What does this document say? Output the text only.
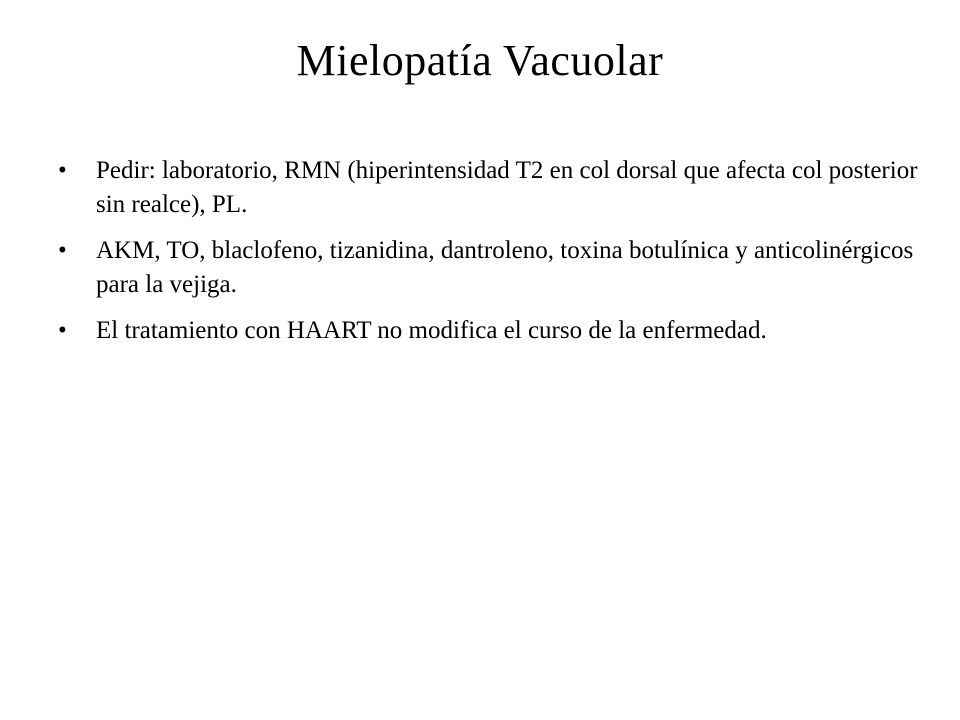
Mielopatía Vacuolar
•	Pedir: laboratorio, RMN (hiperintensidad T2 en col dorsal que afecta col posterior sin realce), PL.
•	AKM, TO, blaclofeno, tizanidina, dantroleno, toxina botulínica y anticolinérgicos para la vejiga.
•	El tratamiento con HAART no modifica el curso de la enfermedad.
